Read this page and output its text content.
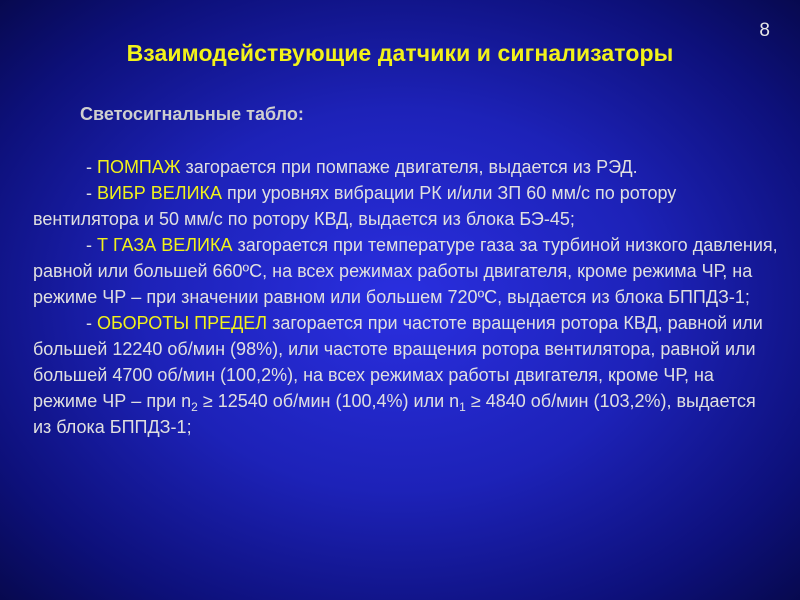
8
Взаимодействующие датчики и сигнализаторы
Светосигнальные табло:

- ПОМПАЖ загорается при помпаже двигателя, выдается из РЭД.

- ВИБР ВЕЛИКА при уровнях вибрации РК и/или ЗП 60 мм/с по ротору вентилятора и 50 мм/с по ротору КВД, выдается из блока БЭ-45;

- Т ГАЗА ВЕЛИКА загорается при температуре газа за турбиной низкого давления, равной или большей 660ºС, на всех режимах работы двигателя, кроме режима ЧР, на режиме ЧР – при значении равном или большем 720ºС, выдается из блока БППДЗ-1;

- ОБОРОТЫ ПРЕДЕЛ загорается при частоте вращения ротора КВД, равной или большей 12240 об/мин (98%), или частоте вращения ротора вентилятора, равной или большей 4700 об/мин (100,2%), на всех режимах работы двигателя, кроме ЧР, на режиме ЧР – при $n_2 \ge 12540$ об/мин (100,4%) или $n_1 \ge 4840$ об/мин (103,2%), выдается из блока БППДЗ-1;
